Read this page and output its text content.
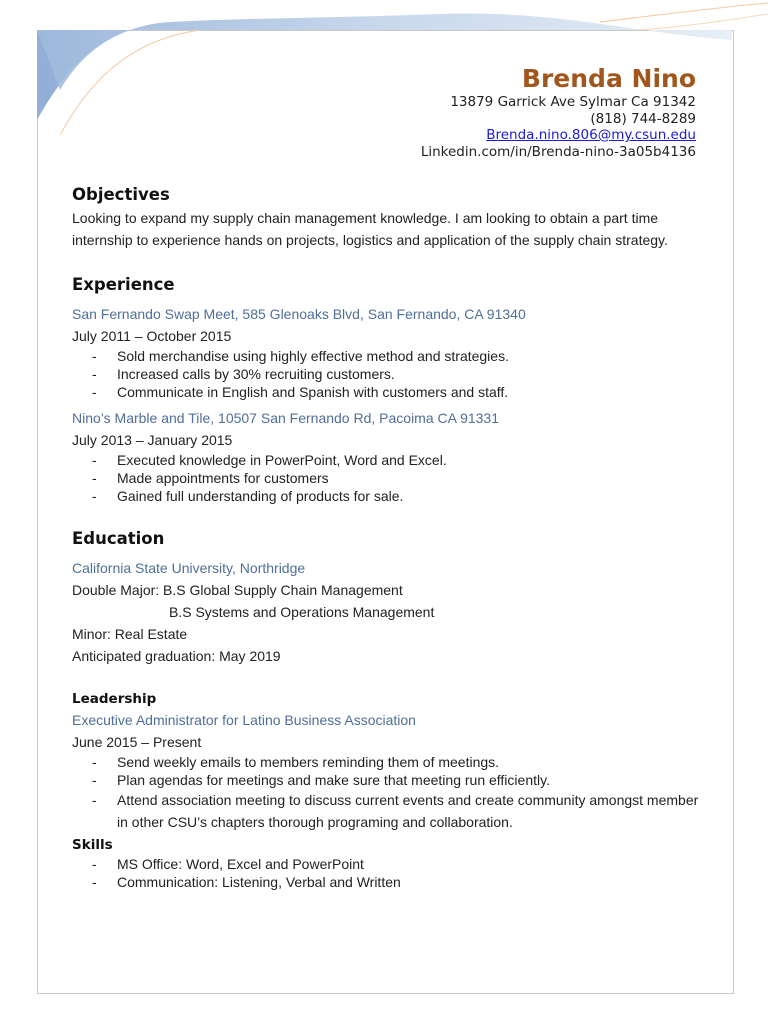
Brenda Nino
13879 Garrick Ave Sylmar Ca 91342
(818) 744-8289
Brenda.nino.806@my.csun.edu
Linkedin.com/in/Brenda-nino-3a05b4136
Objectives

Looking to expand my supply chain management knowledge. I am looking to obtain a part time internship to experience hands on projects, logistics and application of the supply chain strategy.

Experience
San Fernando Swap Meet, 585 Glenoaks Blvd, San Fernando, CA 91340
July 2011 – October 2015
- Sold merchandise using highly effective method and strategies.
- Increased calls by 30% recruiting customers.
- Communicate in English and Spanish with customers and staff.
Nino’s Marble and Tile, 10507 San Fernando Rd, Pacoima CA 91331
July 2013 – January 2015
- Executed knowledge in PowerPoint, Word and Excel.
- Made appointments for customers
- Gained full understanding of products for sale.
Education
California State University, Northridge
Double Major: B.S Global Supply Chain Management
B.S Systems and Operations Management
Minor: Real Estate
Anticipated graduation: May 2019
Leadership
Executive Administrator for Latino Business Association
June 2015 – Present
- Send weekly emails to members reminding them of meetings.
- Plan agendas for meetings and make sure that meeting run efficiently.
- Attend association meeting to discuss current events and create community amongst member in other CSU’s chapters thorough programing and collaboration.
Skills
- MS Office: Word, Excel and PowerPoint
- Communication: Listening, Verbal and Written
